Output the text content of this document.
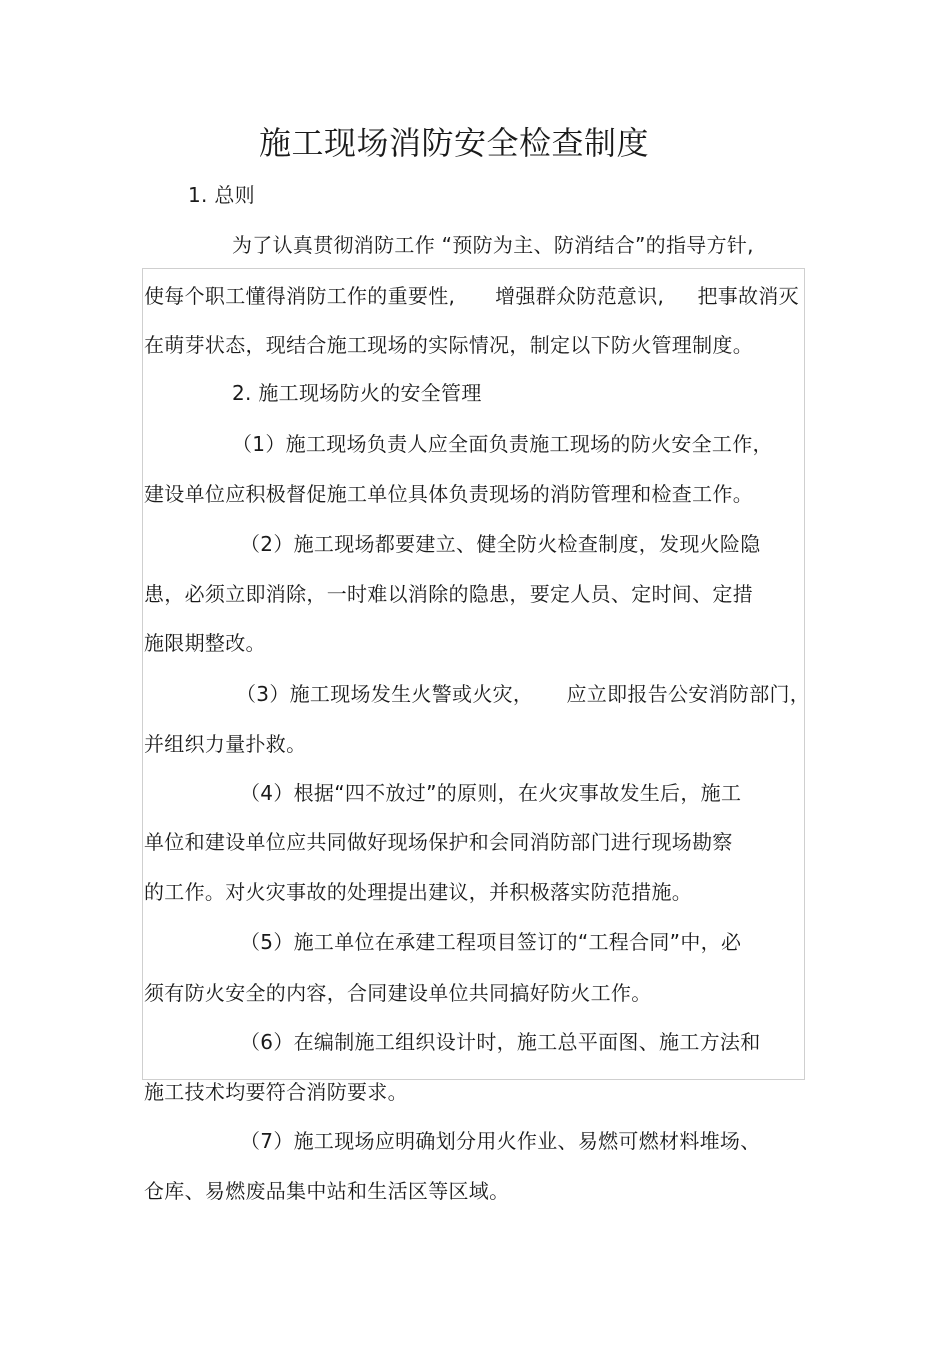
施工现场消防安全检查制度
1. 总则
为了认真贯彻消防工作 “预防为主、防消结合”的指导方针,
使每个职工懂得消防工作的重要性,      增强群众防范意识,     把事故消灭
在萌芽状态，现结合施工现场的实际情况，制定以下防火管理制度。
2. 施工现场防火的安全管理
（1）施工现场负责人应全面负责施工现场的防火安全工作，
建设单位应积极督促施工单位具体负责现场的消防管理和检查工作。
（2）施工现场都要建立、健全防火检查制度，发现火险隐
患，必须立即消除，一时难以消除的隐患，要定人员、定时间、定措
施限期整改。
（3）施工现场发生火警或火灾，     应立即报告公安消防部门，
并组织力量扑救。
（4）根据“四不放过”的原则，在火灾事故发生后，施工
单位和建设单位应共同做好现场保护和会同消防部门进行现场勘察
的工作。对火灾事故的处理提出建议，并积极落实防范措施。
（5）施工单位在承建工程项目签订的“工程合同”中，必
须有防火安全的内容，合同建设单位共同搞好防火工作。
（6）在编制施工组织设计时，施工总平面图、施工方法和
施工技术均要符合消防要求。
（7）施工现场应明确划分用火作业、易燃可燃材料堆场、
仓库、易燃废品集中站和生活区等区域。
